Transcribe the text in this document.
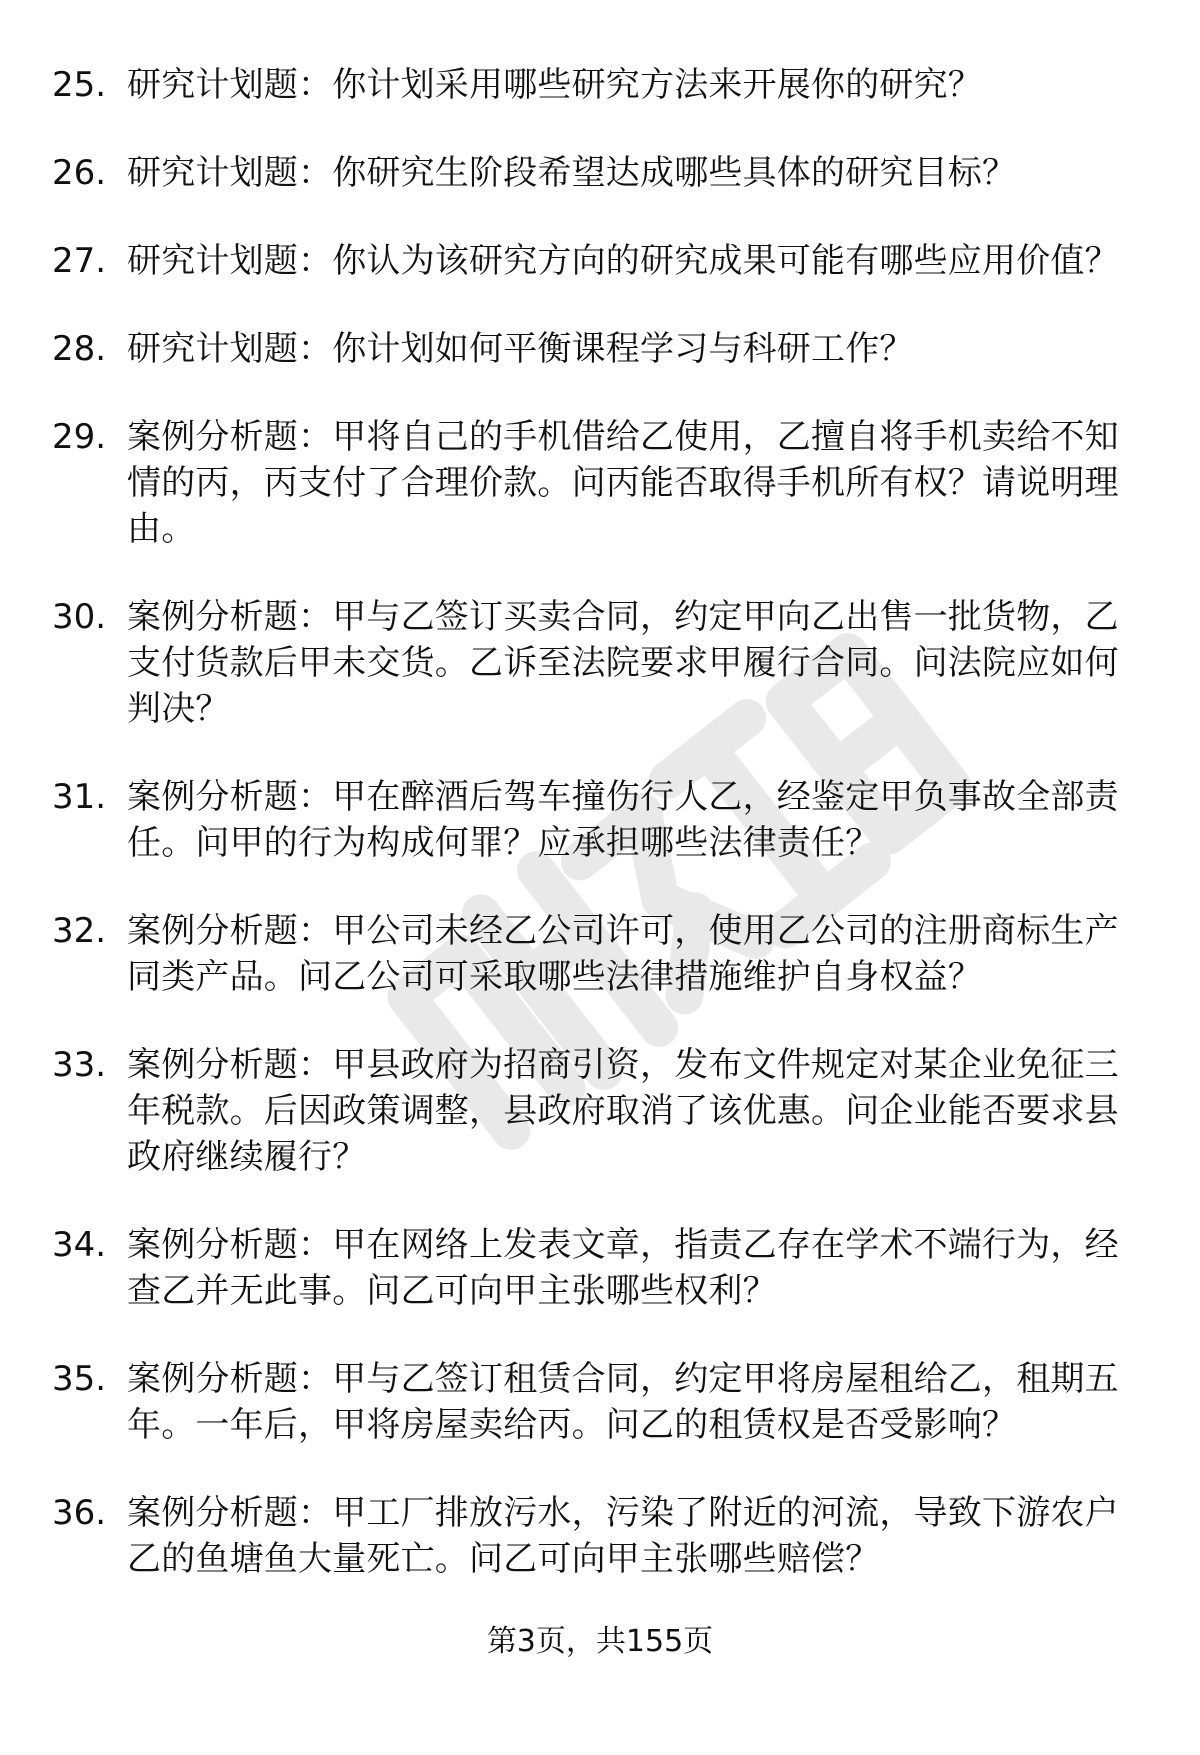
25. 研究计划题：你计划采用哪些研究方法来开展你的研究？
26. 研究计划题：你研究生阶段希望达成哪些具体的研究目标？
27. 研究计划题：你认为该研究方向的研究成果可能有哪些应用价值？
28. 研究计划题：你计划如何平衡课程学习与科研工作？
29. 案例分析题：甲将自己的手机借给乙使用，乙擅自将手机卖给不知情的丙，丙支付了合理价款。问丙能否取得手机所有权？请说明理由。
30. 案例分析题：甲与乙签订买卖合同，约定甲向乙出售一批货物，乙支付货款后甲未交货。乙诉至法院要求甲履行合同。问法院应如何判决？
31. 案例分析题：甲在醉酒后驾车撞伤行人乙，经鉴定甲负事故全部责任。问甲的行为构成何罪？应承担哪些法律责任？
32. 案例分析题：甲公司未经乙公司许可，使用乙公司的注册商标生产同类产品。问乙公司可采取哪些法律措施维护自身权益？
33. 案例分析题：甲县政府为招商引资，发布文件规定对某企业免征三年税款。后因政策调整，县政府取消了该优惠。问企业能否要求县政府继续履行？
34. 案例分析题：甲在网络上发表文章，指责乙存在学术不端行为，经查乙并无此事。问乙可向甲主张哪些权利？
35. 案例分析题：甲与乙签订租赁合同，约定甲将房屋租给乙，租期五年。一年后，甲将房屋卖给丙。问乙的租赁权是否受影响？
36. 案例分析题：甲工厂排放污水，污染了附近的河流，导致下游农户乙的鱼塘鱼大量死亡。问乙可向甲主张哪些赔偿？
第3页，共155页
